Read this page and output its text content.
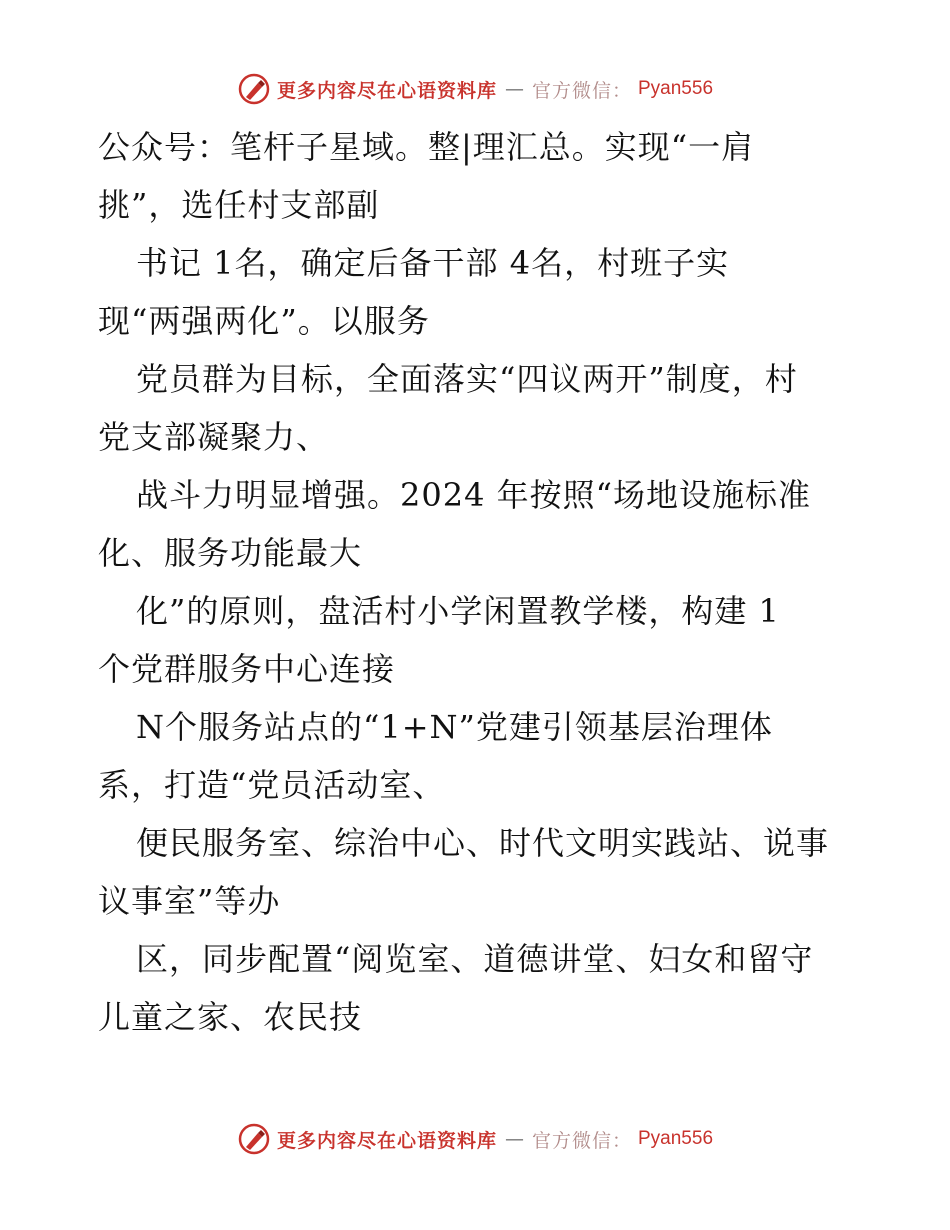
更多内容尽在心语资料库 — 官方微信： Pyan556
公众号：笔杆子星域。整|理汇总。实现“一肩
挑”，选任村支部副
书记 1名，确定后备干部 4名，村班子实
现“两强两化”。以服务
党员群为目标，全面落实“四议两开”制度，村
党支部凝聚力、
战斗力明显增强。2024 年按照“场地设施标准
化、服务功能最大
化”的原则，盘活村小学闲置教学楼，构建 1
个党群服务中心连接
N个服务站点的“1+N”党建引领基层治理体
系，打造“党员活动室、
便民服务室、综治中心、时代文明实践站、说事
议事室”等办
区，同步配置“阅览室、道德讲堂、妇女和留守
儿童之家、农民技
更多内容尽在心语资料库 — 官方微信： Pyan556
